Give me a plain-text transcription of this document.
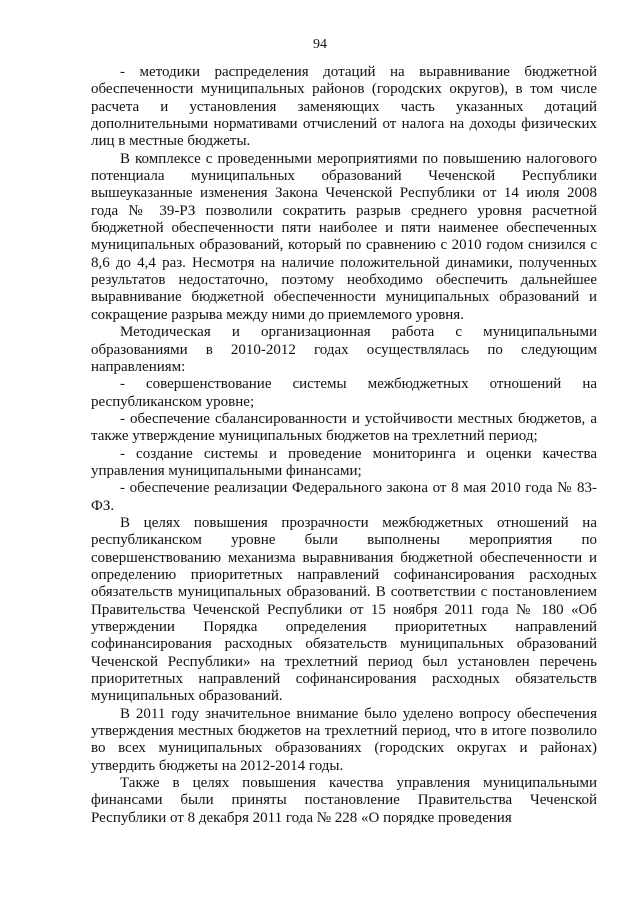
94

- методики распределения дотаций на выравнивание бюджетной обеспеченности муниципальных районов (городских округов), в том числе расчета и установления заменяющих часть указанных дотаций дополнительными нормативами отчислений от налога на доходы физических лиц в местные бюджеты.

В комплексе с проведенными мероприятиями по повышению налогового потенциала муниципальных образований Чеченской Республики вышеуказанные изменения Закона Чеченской Республики от 14 июля 2008 года № 39-РЗ позволили сократить разрыв среднего уровня расчетной бюджетной обеспеченности пяти наиболее и пяти наименее обеспеченных муниципальных образований, который по сравнению с 2010 годом снизился с 8,6 до 4,4 раз. Несмотря на наличие положительной динамики, полученных результатов недостаточно, поэтому необходимо обеспечить дальнейшее выравнивание бюджетной обеспеченности муниципальных образований и сокращение разрыва между ними до приемлемого уровня.

Методическая и организационная работа с муниципальными образованиями в 2010-2012 годах осуществлялась по следующим направлениям:

- совершенствование системы межбюджетных отношений на республиканском уровне;

- обеспечение сбалансированности и устойчивости местных бюджетов, а также утверждение муниципальных бюджетов на трехлетний период;

- создание системы и проведение мониторинга и оценки качества управления муниципальными финансами;

- обеспечение реализации Федерального закона от 8 мая 2010 года № 83-ФЗ.

В целях повышения прозрачности межбюджетных отношений на республиканском уровне были выполнены мероприятия по совершенствованию механизма выравнивания бюджетной обеспеченности и определению приоритетных направлений софинансирования расходных обязательств муниципальных образований. В соответствии с постановлением Правительства Чеченской Республики от 15 ноября 2011 года № 180 «Об утверждении Порядка определения приоритетных направлений софинансирования расходных обязательств муниципальных образований Чеченской Республики» на трехлетний период был установлен перечень приоритетных направлений софинансирования расходных обязательств муниципальных образований.

В 2011 году значительное внимание было уделено вопросу обеспечения утверждения местных бюджетов на трехлетний период, что в итоге позволило во всех муниципальных образованиях (городских округах и районах) утвердить бюджеты на 2012-2014 годы.

Также в целях повышения качества управления муниципальными финансами были приняты постановление Правительства Чеченской Республики от 8 декабря 2011 года № 228 «О порядке проведения
